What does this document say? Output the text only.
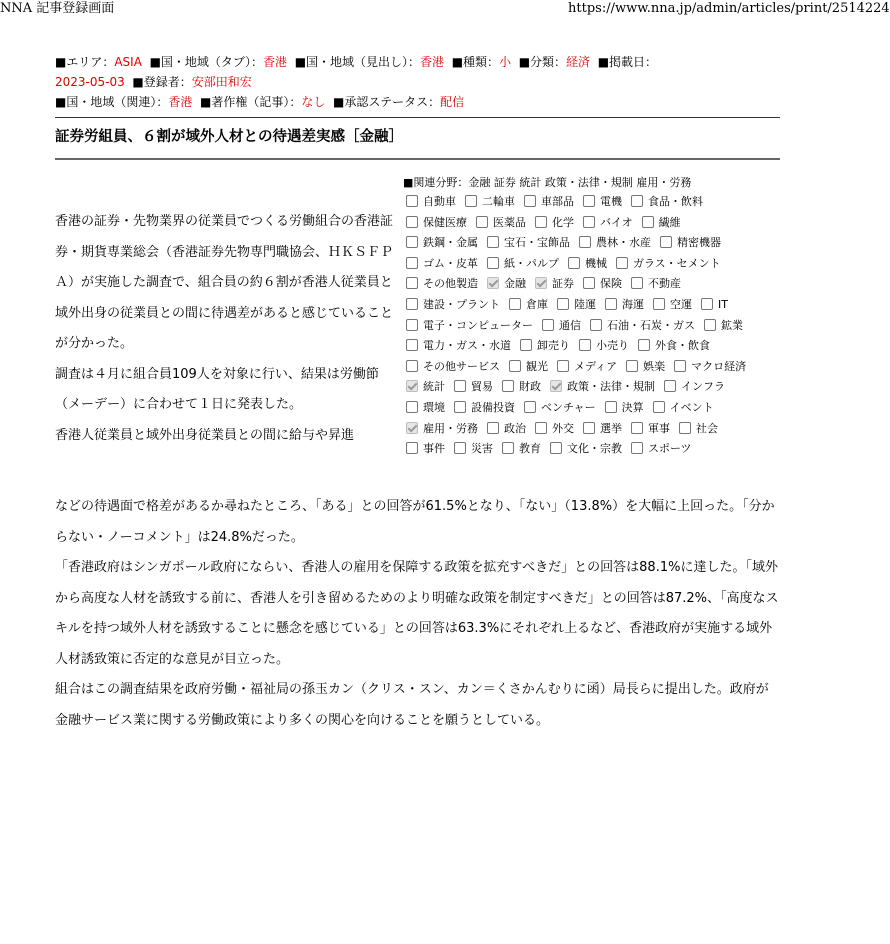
NNA 記事登録画面	https://www.nna.jp/admin/articles/print/2514224
■エリア：ASIA ■国・地域（タブ）：香港 ■国・地域（見出し）：香港 ■種類：小 ■分類：経済 ■掲載日：
2023-05-03 ■登録者：安部田和宏
■国・地域（関連）：香港 ■著作権（記事）：なし ■承認ステータス：配信
証券労組員、６割が域外人材との待遇差実感［金融］
■関連分野：金融 証券 統計 政策・法律・規制 雇用・労務
自動車 二輪車 車部品 電機 食品・飲料
保健医療 医薬品 化学 バイオ 繊維
鉄鋼・金属 宝石・宝飾品 農林・水産 精密機器
ゴム・皮革 紙・パルプ 機械 ガラス・セメント
その他製造 金融 証券 保険 不動産
建設・プラント 倉庫 陸運 海運 空運 IT
電子・コンピューター 通信 石油・石炭・ガス 鉱業
電力・ガス・水道 卸売り 小売り 外食・飲食
その他サービス 観光 メディア 娯楽 マクロ経済
統計 貿易 財政 政策・法律・規制 インフラ
環境 設備投資 ベンチャー 決算 イベント
雇用・労務 政治 外交 選挙 軍事 社会
事件 災害 教育 文化・宗教 スポーツ

香港の証券・先物業界の従業員でつくる労働組合の香港証券・期貨専業総会（香港証券先物専門職協会、ＨＫＳＦＰＡ）が実施した調査で、組合員の約６割が香港人従業員と域外出身の従業員との間に待遇差があると感じていることが分かった。

調査は４月に組合員109人を対象に行い、結果は労働節（メーデー）に合わせて１日に発表した。

香港人従業員と域外出身従業員との間に給与や昇進

などの待遇面で格差があるか尋ねたところ、「ある」との回答が61.5%となり、「ない」（13.8%）を大幅に上回った。「分からない・ノーコメント」は24.8%だった。

「香港政府はシンガポール政府にならい、香港人の雇用を保障する政策を拡充すべきだ」との回答は88.1%に達した。「域外から高度な人材を誘致する前に、香港人を引き留めるためのより明確な政策を制定すべきだ」との回答は87.2%、「高度なスキルを持つ域外人材を誘致することに懸念を感じている」との回答は63.3%にそれぞれ上るなど、香港政府が実施する域外人材誘致策に否定的な意見が目立った。

組合はこの調査結果を政府労働・福祉局の孫玉カン（クリス・スン、カン＝くさかんむりに函）局長らに提出した。政府が金融サービス業に関する労働政策により多くの関心を向けることを願うとしている。
